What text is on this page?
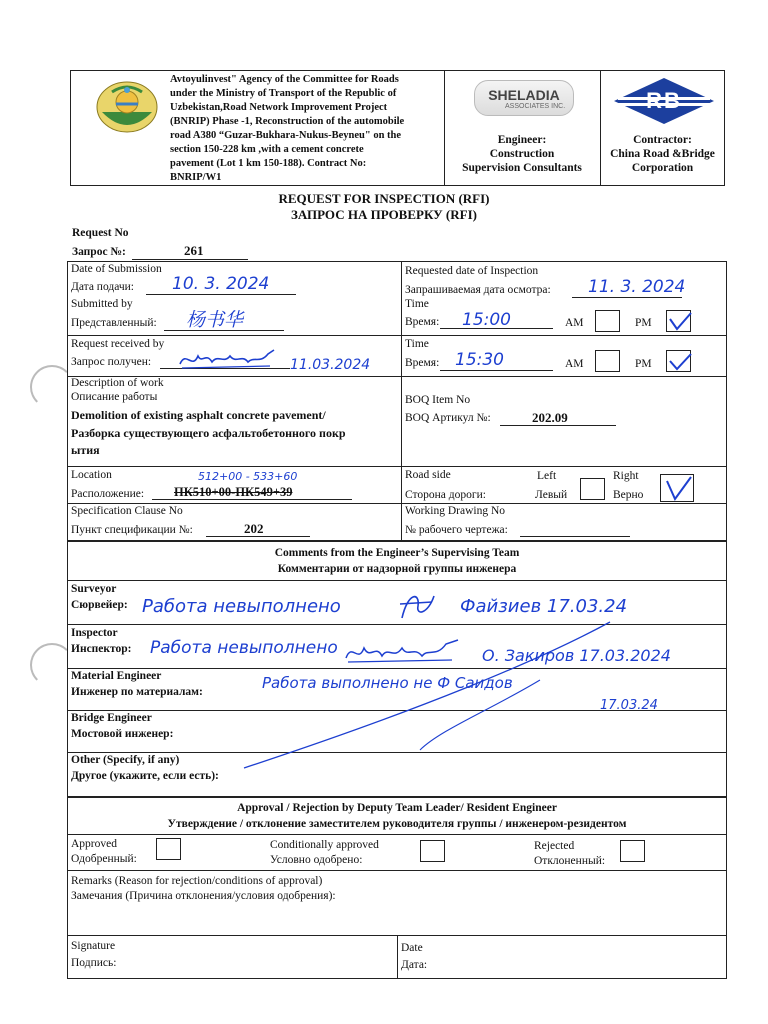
Avtoyulinvest" Agency of the Committee for Roads
under the Ministry of Transport of the Republic of
Uzbekistan,Road Network Improvement Project
(BNRIP) Phase -1, Reconstruction of the automobile
road A380 “Guzar-Bukhara-Nukus-Beyneu" on the
section 150-228 km ,with a cement concrete
pavement (Lot 1 km 150-188). Contract No:
BNRIP/W1
SHELADIA
ASSOCIATES INC.
Engineer:
Construction
Supervision Consultants
RB
Contractor:
China Road &Bridge
Corporation
REQUEST FOR INSPECTION (RFI)
ЗАПРОС НА ПРОВЕРКУ (RFI)
Request No
Запрос №:	261
Date of Submission
Дата подачи: 10. 3. 2024
Submitted by
Представленный: 杨书华
Requested date of Inspection
Запрашиваемая дата осмотра: 11. 3. 2024
Time
Время: 15:00	AM	PM
Request received by
Запрос получен:	11.03.2024
Time
Время: 15:30	AM	PM
Description of work
Описание работы
Demolition of existing asphalt concrete pavement/
Разборка существующего асфальтобетонного покр
ытия
BOQ Item No
BOQ Артикул №:	202.09
Location	512+00 - 533+60
Расположение: ПК510+00-ПК549+39
Road side
Сторона дороги:
Left
Левый
Right
Верно
Specification Clause No
Пункт спецификации №:	202
Working Drawing No
№ рабочего чертежа:
Comments from the Engineer’s Supervising Team
Комментарии от надзорной группы инженера
Surveyor
Сюрвейер: Работа невыполнено	Файзиев 17.03.24
Inspector
Инспектор: Работа невыполнено	О. Закиров 17.03.2024
Material Engineer
Инженер по материалам:	Работа выполнено не Ф Саидов
17.03.24
Bridge Engineer
Мостовой инженер:
Other (Specify, if any)
Другое (укажите, если есть):
Approval / Rejection by Deputy Team Leader/ Resident Engineer
Утверждение / отклонение заместителем руководителя группы / инженером-резидентом
Approved
Одобренный:
Conditionally approved
Условно одобрено:
Rejected
Отклоненный:
Remarks (Reason for rejection/conditions of approval)
Замечания (Причина отклонения/условия одобрения):
Signature
Подпись:
Date
Дата:
